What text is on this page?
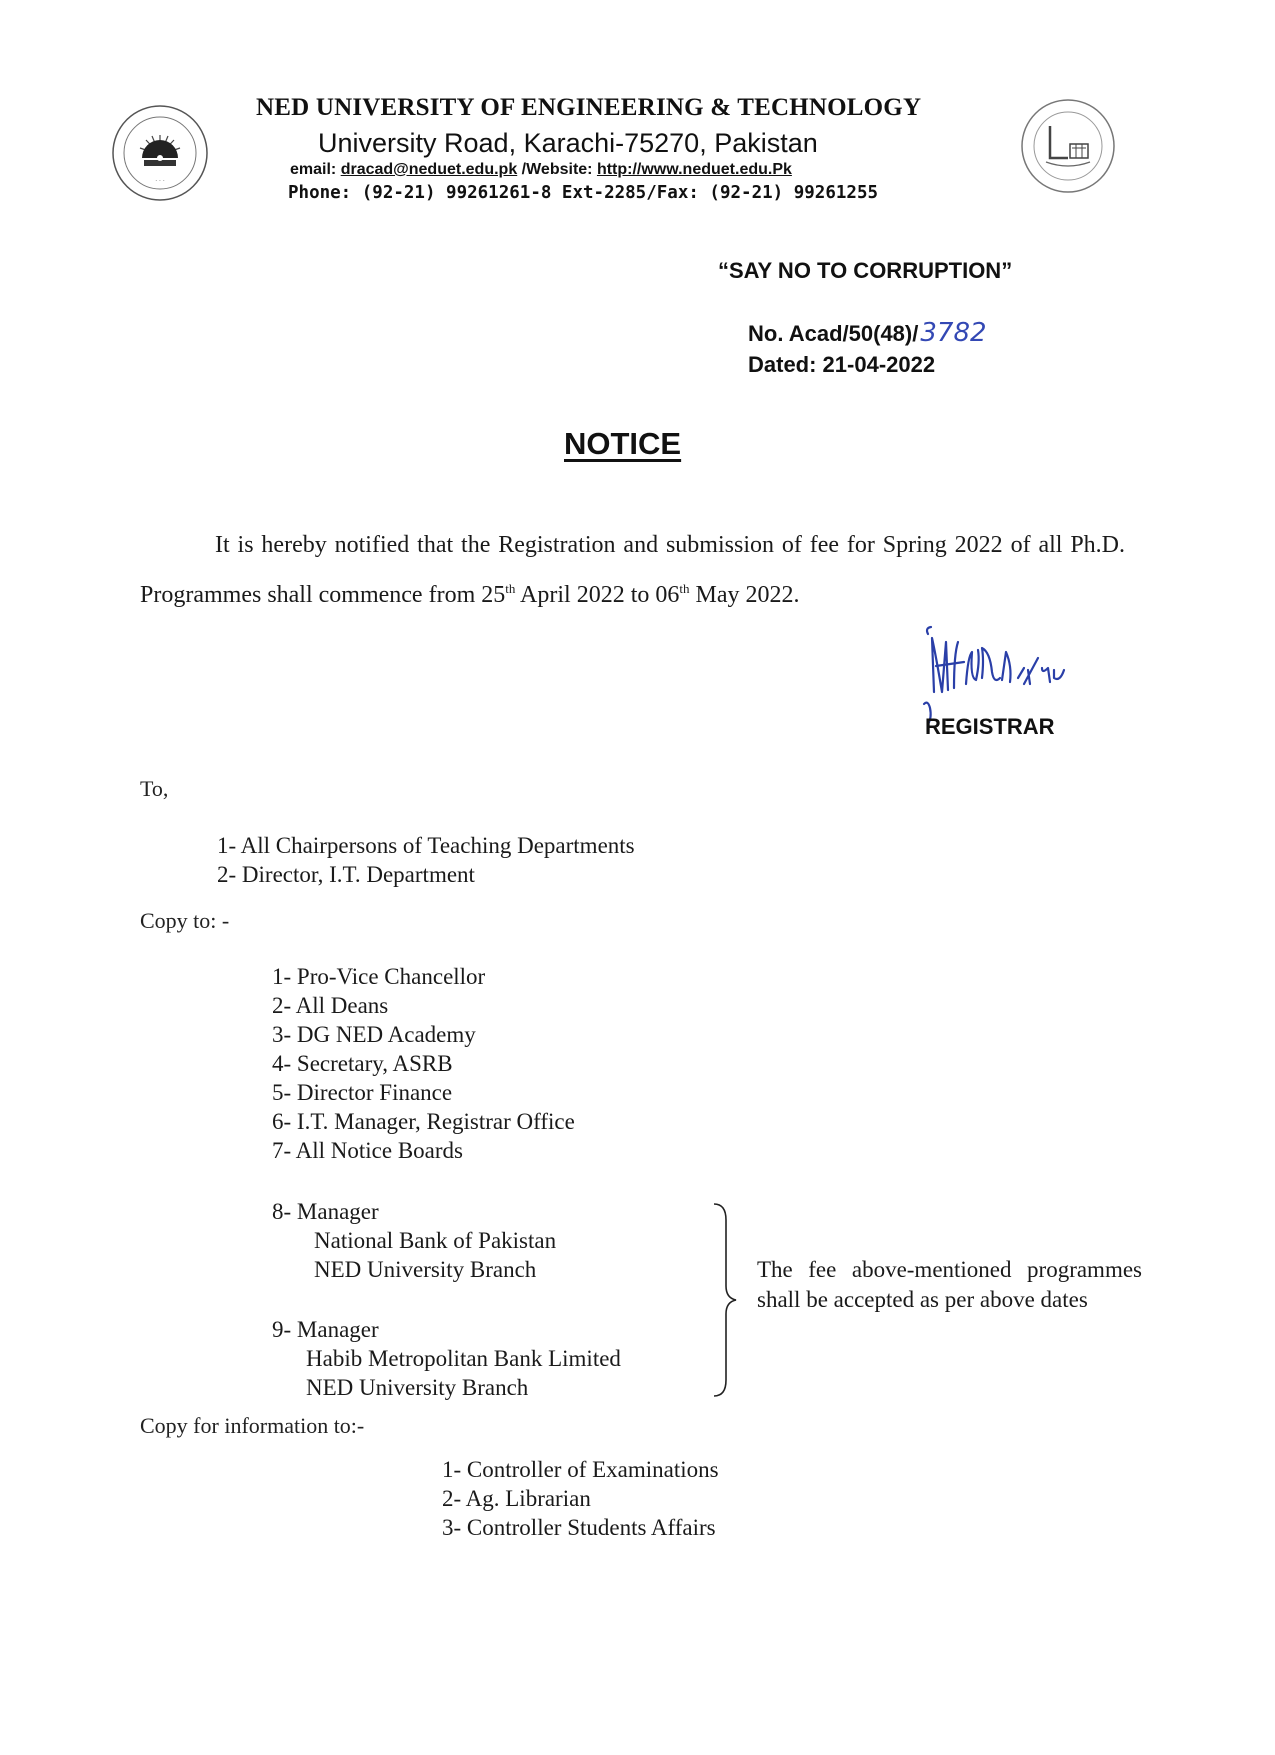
· · ·
NED UNIVERSITY OF ENGINEERING & TECHNOLOGY
University Road, Karachi-75270, Pakistan
email: dracad@neduet.edu.pk /Website: http://www.neduet.edu.Pk
Phone: (92-21) 99261261-8 Ext-2285/Fax: (92-21) 99261255
“SAY NO TO CORRUPTION”
No. Acad/50(48)/3782
Dated: 21-04-2022
NOTICE
It is hereby notified that the Registration and submission of fee for Spring 2022 of all Ph.D. Programmes shall commence from 25th April 2022 to 06th May 2022.
REGISTRAR
To,
1- All Chairpersons of Teaching Departments
2- Director, I.T. Department
Copy to: -
1- Pro-Vice Chancellor
2- All Deans
3- DG NED Academy
4- Secretary, ASRB
5- Director Finance
6- I.T. Manager, Registrar Office
7- All Notice Boards
8- Manager
National Bank of Pakistan
NED University Branch
9- Manager
Habib Metropolitan Bank Limited
NED University Branch
The fee above-mentioned programmes shall be accepted as per above dates
Copy for information to:-
1- Controller of Examinations
2- Ag. Librarian
3- Controller Students Affairs
